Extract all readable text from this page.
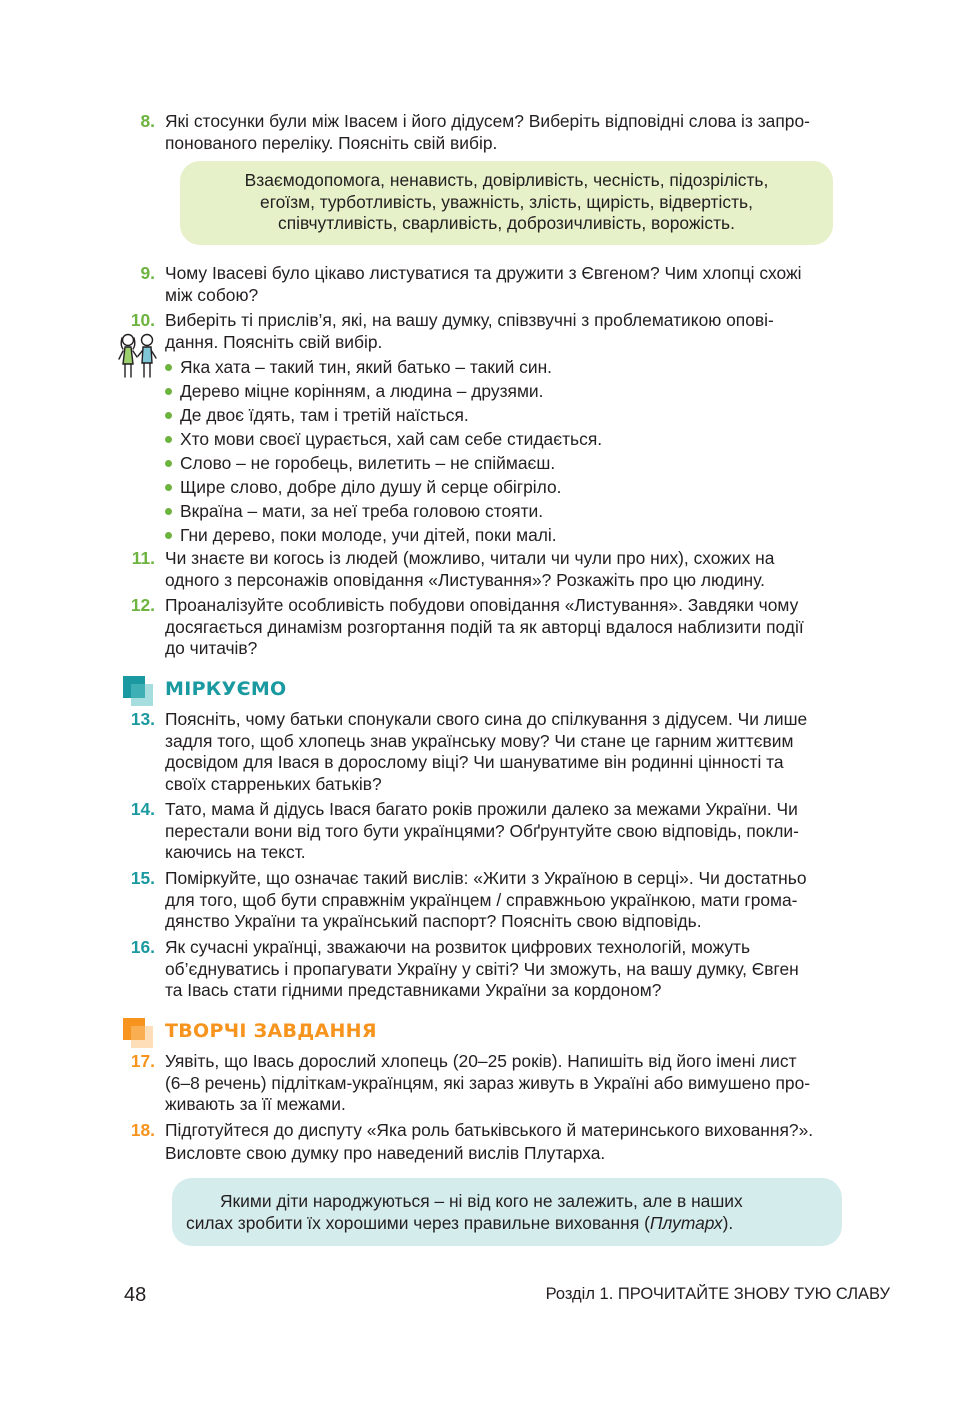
8. Які стосунки були між Івасем і його дідусем? Виберіть відповідні слова із запро-
понованого переліку. Поясніть свій вибір.
Взаємодопомога, ненависть, довірливість, чесність, підозрілість,
егоїзм, турботливість, уважність, злість, щирість, відвертість,
співчутливість, сварливість, доброзичливість, ворожість.
9. Чому Івасеві було цікаво листуватися та дружити з Євгеном? Чим хлопці схожі
між собою?
10. Виберіть ті прислів’я, які, на вашу думку, співзвучні з проблематикою опові-
дання. Поясніть свій вибір.
Яка хата – такий тин, який батько – такий син.
Дерево міцне корінням, а людина – друзями.
Де двоє їдять, там і третій наїсться.
Хто мови своєї цурається, хай сам себе стидається.
Слово – не горобець, вилетить – не спіймаєш.
Щире слово, добре діло душу й серце обігріло.
Вкраїна – мати, за неї треба головою стояти.
Гни дерево, поки молоде, учи дітей, поки малі.
11. Чи знаєте ви когось із людей (можливо, читали чи чули про них), схожих на
одного з персонажів оповідання «Листування»? Розкажіть про цю людину.
12. Проаналізуйте особливість побудови оповідання «Листування». Завдяки чому
досягається динамізм розгортання подій та як авторці вдалося наблизити події
до читачів?
МІРКУЄМО
13. Поясніть, чому батьки спонукали свого сина до спілкування з дідусем. Чи лише
задля того, щоб хлопець знав українську мову? Чи стане це гарним життєвим
досвідом для Івася в дорослому віці? Чи шануватиме він родинні цінності та
своїх старреньких батьків?
14. Тато, мама й дідусь Івася багато років прожили далеко за межами України. Чи
перестали вони від того бути українцями? Обґрунтуйте свою відповідь, покли-
каючись на текст.
15. Поміркуйте, що означає такий вислів: «Жити з Україною в серці». Чи достатньо
для того, щоб бути справжнім українцем / справжньою українкою, мати грома-
дянство України та український паспорт? Поясніть свою відповідь.
16. Як сучасні українці, зважаючи на розвиток цифрових технологій, можуть
об’єднуватись і пропагувати Україну у світі? Чи зможуть, на вашу думку, Євген
та Івась стати гідними представниками України за кордоном?
ТВОРЧІ ЗАВДАННЯ
17. Уявіть, що Івась дорослий хлопець (20–25 років). Напишіть від його імені лист
(6–8 речень) підліткам-українцям, які зараз живуть в Україні або вимушено про-
живають за її межами.
18. Підготуйтеся до диспуту «Яка роль батьківського й материнського виховання?».
Висловте свою думку про наведений вислів Плутарха.
Якими діти народжуються – ні від кого не залежить, але в наших
силах зробити їх хорошими через правильне виховання (Плутарх).
48	Розділ 1. ПРОЧИТАЙТЕ ЗНОВУ ТУЮ СЛАВУ
